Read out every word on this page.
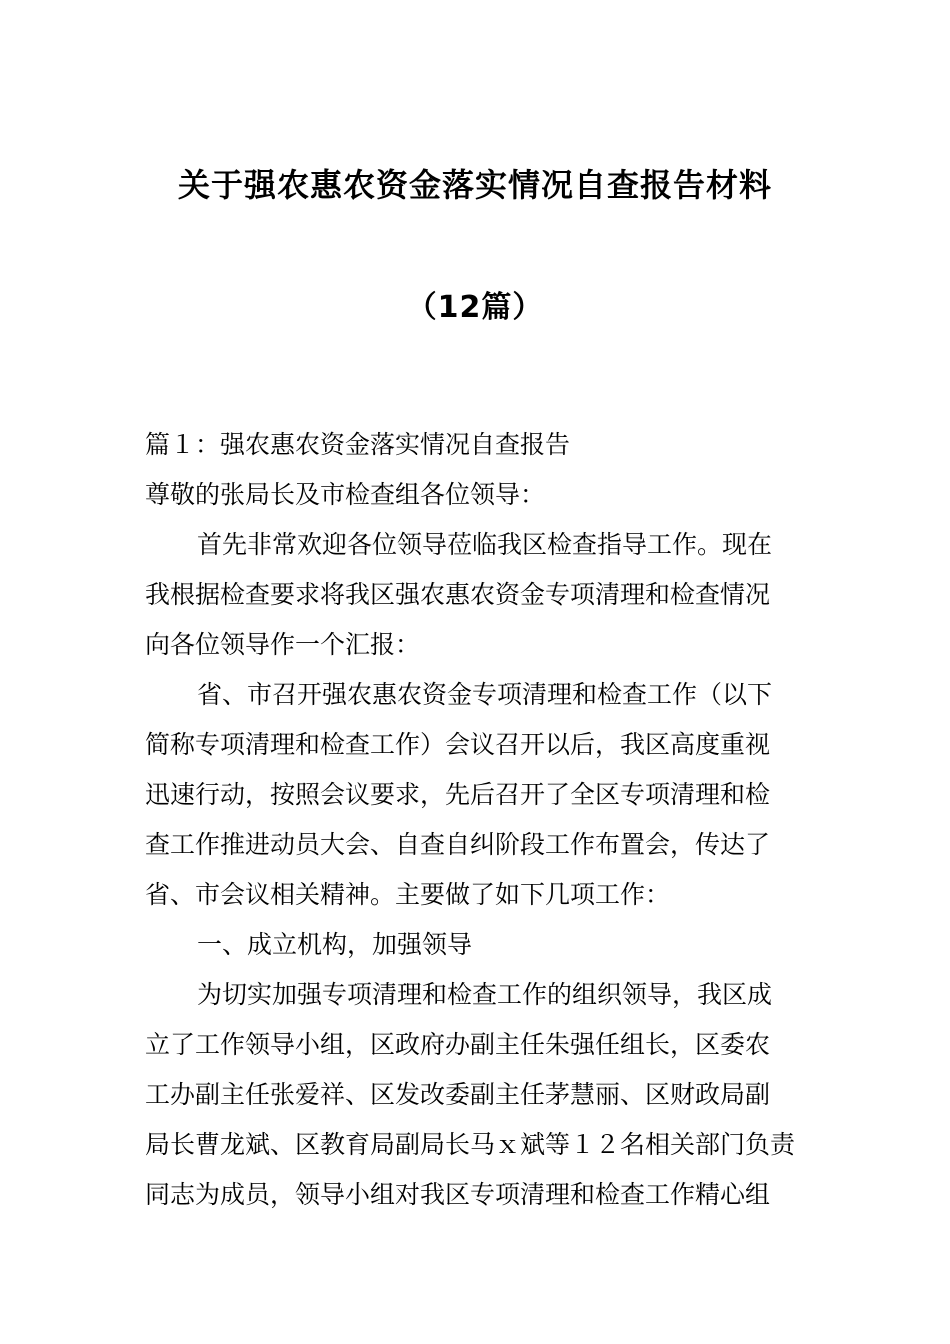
关于强农惠农资金落实情况自查报告材料
（12篇）
篇１：强农惠农资金落实情况自查报告
尊敬的张局长及市检查组各位领导：
首先非常欢迎各位领导莅临我区检查指导工作。现在
我根据检查要求将我区强农惠农资金专项清理和检查情况
向各位领导作一个汇报：
省、市召开强农惠农资金专项清理和检查工作（以下
简称专项清理和检查工作）会议召开以后，我区高度重视
迅速行动，按照会议要求，先后召开了全区专项清理和检
查工作推进动员大会、自查自纠阶段工作布置会，传达了
省、市会议相关精神。主要做了如下几项工作：
一、成立机构，加强领导
为切实加强专项清理和检查工作的组织领导，我区成
立了工作领导小组，区政府办副主任朱强任组长，区委农
工办副主任张爱祥、区发改委副主任茅慧丽、区财政局副
局长曹龙斌、区教育局副局长马ｘ斌等１２名相关部门负责
同志为成员，领导小组对我区专项清理和检查工作精心组
